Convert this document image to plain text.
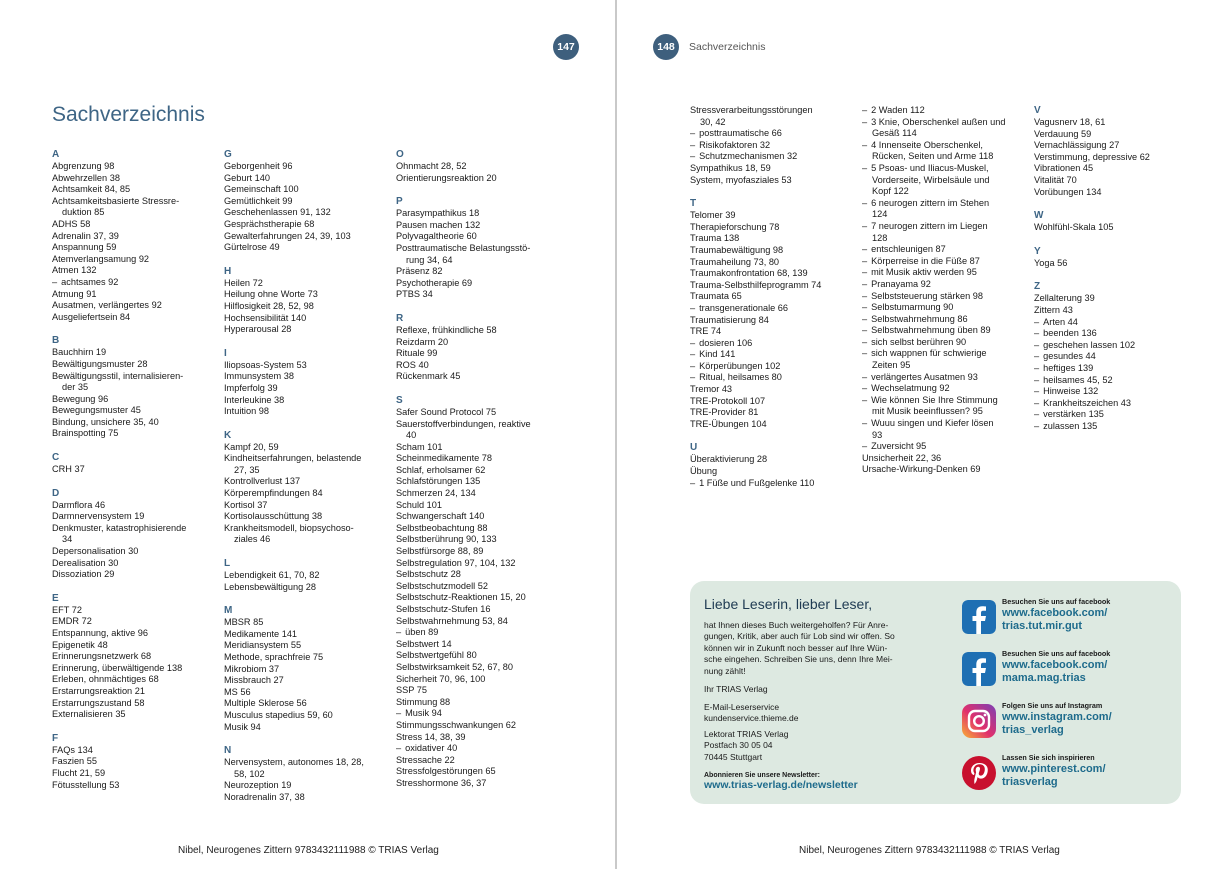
147
Sachverzeichnis
A
Abgrenzung 98
Abwehrzellen 38
Achtsamkeit 84, 85
Achtsamkeitsbasierte Stressre-
duktion 85
ADHS 58
Adrenalin 37, 39
Anspannung 59
Atemverlangsamung 92
Atmen 132
– achtsames 92
Atmung 91
Ausatmen, verlängertes 92
Ausgeliefertsein 84
B
Bauchhirn 19
Bewältigungsmuster 28
Bewältigungsstil, internalisieren-
der 35
Bewegung 96
Bewegungsmuster 45
Bindung, unsichere 35, 40
Brainspotting 75
C
CRH 37
D
Darmflora 46
Darmnervensystem 19
Denkmuster, katastrophisierende
34
Depersonalisation 30
Derealisation 30
Dissoziation 29
E
EFT 72
EMDR 72
Entspannung, aktive 96
Epigenetik 48
Erinnerungsnetzwerk 68
Erinnerung, überwältigende 138
Erleben, ohnmächtiges 68
Erstarrungsreaktion 21
Erstarrungszustand 58
Externalisieren 35
F
FAQs 134
Faszien 55
Flucht 21, 59
Fötusstellung 53
G
Geborgenheit 96
Geburt 140
Gemeinschaft 100
Gemütlichkeit 99
Geschehenlassen 91, 132
Gesprächstherapie 68
Gewalterfahrungen 24, 39, 103
Gürtelrose 49
H
Heilen 72
Heilung ohne Worte 73
Hilflosigkeit 28, 52, 98
Hochsensibilität 140
Hyperarousal 28
I
Iliopsoas-System 53
Immunsystem 38
Impferfolg 39
Interleukine 38
Intuition 98
K
Kampf 20, 59
Kindheitserfahrungen, belastende
27, 35
Kontrollverlust 137
Körperempfindungen 84
Kortisol 37
Kortisolausschüttung 38
Krankheitsmodell, biopsychoso-
ziales 46
L
Lebendigkeit 61, 70, 82
Lebensbewältigung 28
M
MBSR 85
Medikamente 141
Meridiansystem 55
Methode, sprachfreie 75
Mikrobiom 37
Missbrauch 27
MS 56
Multiple Sklerose 56
Musculus stapedius 59, 60
Musik 94
N
Nervensystem, autonomes 18, 28,
58, 102
Neurozeption 19
Noradrenalin 37, 38
O
Ohnmacht 28, 52
Orientierungsreaktion 20
P
Parasympathikus 18
Pausen machen 132
Polyvagaltheorie 60
Posttraumatische Belastungsstö-
rung 34, 64
Präsenz 82
Psychotherapie 69
PTBS 34
R
Reflexe, frühkindliche 58
Reizdarm 20
Rituale 99
ROS 40
Rückenmark 45
S
Safer Sound Protocol 75
Sauerstoffverbindungen, reaktive
40
Scham 101
Scheinmedikamente 78
Schlaf, erholsamer 62
Schlafstörungen 135
Schmerzen 24, 134
Schuld 101
Schwangerschaft 140
Selbstbeobachtung 88
Selbstberührung 90, 133
Selbstfürsorge 88, 89
Selbstregulation 97, 104, 132
Selbstschutz 28
Selbstschutzmodell 52
Selbstschutz-Reaktionen 15, 20
Selbstschutz-Stufen 16
Selbstwahrnehmung 53, 84
– üben 89
Selbstwert 14
Selbstwertgefühl 80
Selbstwirksamkeit 52, 67, 80
Sicherheit 70, 96, 100
SSP 75
Stimmung 88
– Musik 94
Stimmungsschwankungen 62
Stress 14, 38, 39
– oxidativer 40
Stressache 22
Stressfolgestörungen 65
Stresshormone 36, 37
Nibel, Neurogenes Zittern 9783432111988 © TRIAS Verlag
148	Sachverzeichnis
Stressverarbeitungsstörungen
30, 42
– posttraumatische 66
– Risikofaktoren 32
– Schutzmechanismen 32
Sympathikus 18, 59
System, myofasziales 53
T
Telomer 39
Therapieforschung 78
Trauma 138
Traumabewältigung 98
Traumaheilung 73, 80
Traumakonfrontation 68, 139
Trauma-Selbsthilfeprogramm 74
Traumata 65
– transgenerationale 66
Traumatisierung 84
TRE 74
– dosieren 106
– Kind 141
– Körperübungen 102
– Ritual, heilsames 80
Tremor 43
TRE-Protokoll 107
TRE-Provider 81
TRE-Übungen 104
U
Überaktivierung 28
Übung
– 1 Füße und Fußgelenke 110
– 2 Waden 112
– 3 Knie, Oberschenkel außen und
Gesäß 114
– 4 Innenseite Oberschenkel,
Rücken, Seiten und Arme 118
– 5 Psoas- und Iliacus-Muskel,
Vorderseite, Wirbelsäule und
Kopf 122
– 6 neurogen zittern im Stehen
124
– 7 neurogen zittern im Liegen
128
– entschleunigen 87
– Körperreise in die Füße 87
– mit Musik aktiv werden 95
– Pranayama 92
– Selbststeuerung stärken 98
– Selbstumarmung 90
– Selbstwahrnehmung 86
– Selbstwahrnehmung üben 89
– sich selbst berühren 90
– sich wappnen für schwierige
Zeiten 95
– verlängertes Ausatmen 93
– Wechselatmung 92
– Wie können Sie Ihre Stimmung
mit Musik beeinflussen? 95
– Wuuu singen und Kiefer lösen
93
– Zuversicht 95
Unsicherheit 22, 36
Ursache-Wirkung-Denken 69
V
Vagusnerv 18, 61
Verdauung 59
Vernachlässigung 27
Verstimmung, depressive 62
Vibrationen 45
Vitalität 70
Vorübungen 134
W
Wohlfühl-Skala 105
Y
Yoga 56
Z
Zellalterung 39
Zittern 43
– Arten 44
– beenden 136
– geschehen lassen 102
– gesundes 44
– heftiges 139
– heilsames 45, 52
– Hinweise 132
– Krankheitszeichen 43
– verstärken 135
– zulassen 135
Nibel, Neurogenes Zittern 9783432111988 © TRIAS Verlag
Liebe Leserin, lieber Leser,
hat Ihnen dieses Buch weitergeholfen? Für Anre-
gungen, Kritik, aber auch für Lob sind wir offen. So
können wir in Zukunft noch besser auf Ihre Wün-
sche eingehen. Schreiben Sie uns, denn Ihre Mei-
nung zählt!
Ihr TRIAS Verlag
E-Mail-Leserservice
kundenservice.thieme.de
Lektorat TRIAS Verlag
Postfach 30 05 04
70445 Stuttgart
Abonnieren Sie unsere Newsletter:
www.trias-verlag.de/newsletter
Besuchen Sie uns auf facebook
www.facebook.com/
trias.tut.mir.gut
Besuchen Sie uns auf facebook
www.facebook.com/
mama.mag.trias
Folgen Sie uns auf Instagram
www.instagram.com/
trias_verlag
Lassen Sie sich inspirieren
www.pinterest.com/
triasverlag
